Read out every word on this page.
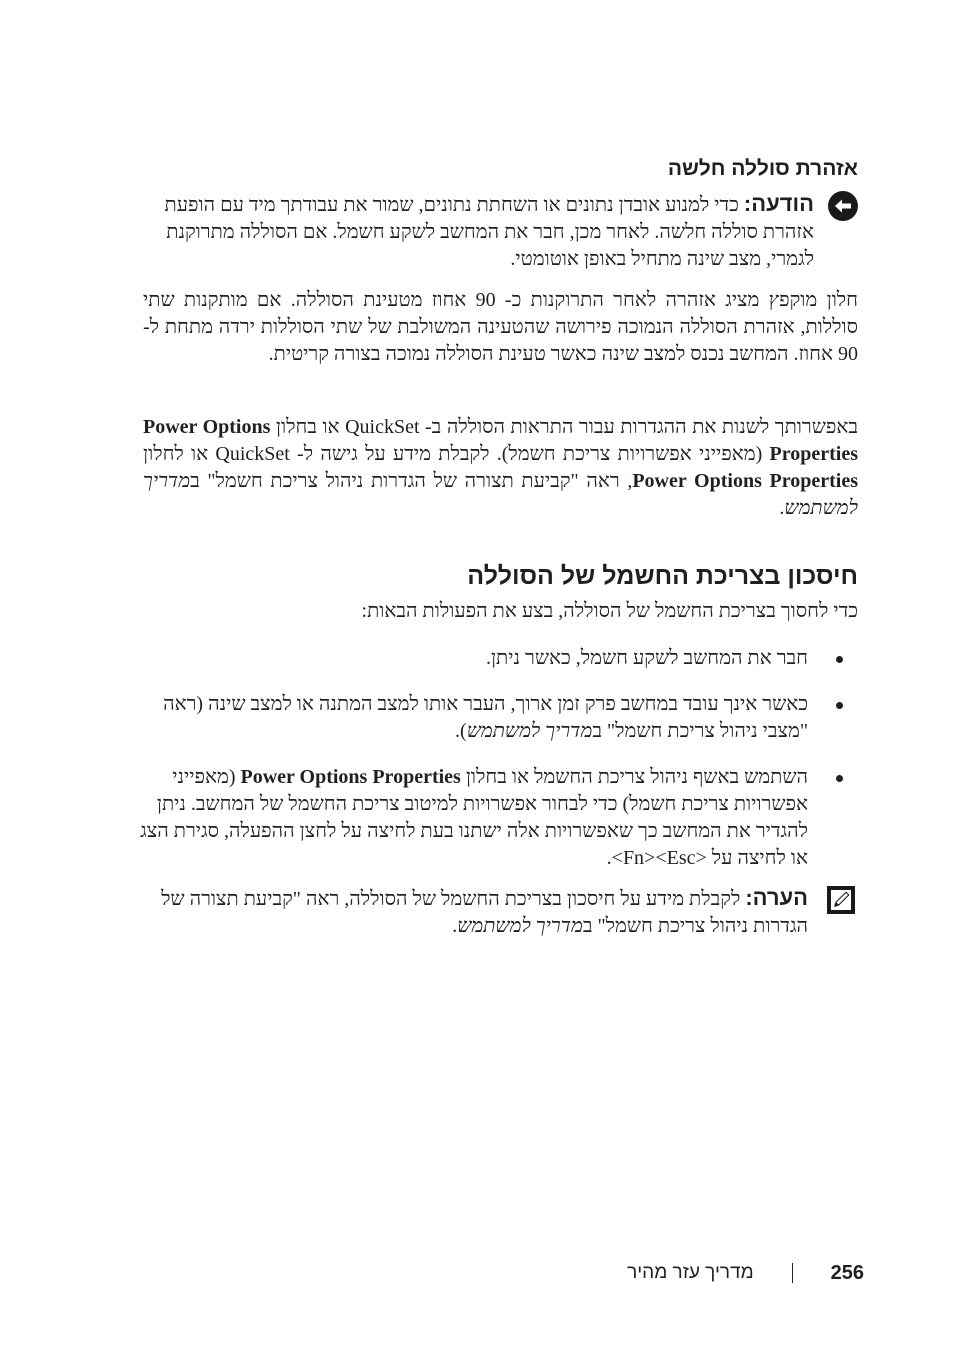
אזהרת סוללה חלשה
הודעה: כדי למנוע אובדן נתונים או השחתת נתונים, שמור את עבודתך מיד עם הופעת אזהרת סוללה חלשה. לאחר מכן, חבר את המחשב לשקע חשמל. אם הסוללה מתרוקנת לגמרי, מצב שינה מתחיל באופן אוטומטי.
חלון מוקפץ מציג אזהרה לאחר התרוקנות כ- 90 אחוז מטעינת הסוללה. אם מותקנות שתי סוללות, אזהרת הסוללה הנמוכה פירושה שהטעינה המשולבת של שתי הסוללות ירדה מתחת ל- 90 אחוז. המחשב נכנס למצב שינה כאשר טעינת הסוללה נמוכה בצורה קריטית.
באפשרותך לשנות את ההגדרות עבור התראות הסוללה ב- QuickSet או בחלון Power Options Properties (מאפייני אפשרויות צריכת חשמל). לקבלת מידע על גישה ל- QuickSet או לחלון Power Options Properties, ראה "קביעת תצורה של הגדרות ניהול צריכת חשמל" במדריך למשתמש.
חיסכון בצריכת החשמל של הסוללה
כדי לחסוך בצריכת החשמל של הסוללה, בצע את הפעולות הבאות:
חבר את המחשב לשקע חשמל, כאשר ניתן.
כאשר אינך עובד במחשב פרק זמן ארוך, העבר אותו למצב המתנה או למצב שינה (ראה "מצבי ניהול צריכת חשמל" במדריך למשתמש).
השתמש באשף ניהול צריכת החשמל או בחלון Power Options Properties (מאפייני אפשרויות צריכת חשמל) כדי לבחור אפשרויות למיטוב צריכת החשמל של המחשב. ניתן להגדיר את המחשב כך שאפשרויות אלה ישתנו בעת לחיצה על לחצן ההפעלה, סגירת הצג או לחיצה על <Fn><Esc>.
הערה: לקבלת מידע על חיסכון בצריכת החשמל של הסוללה, ראה "קביעת תצורה של הגדרות ניהול צריכת חשמל" במדריך למשתמש.
מדריך עזר מהיר	256
